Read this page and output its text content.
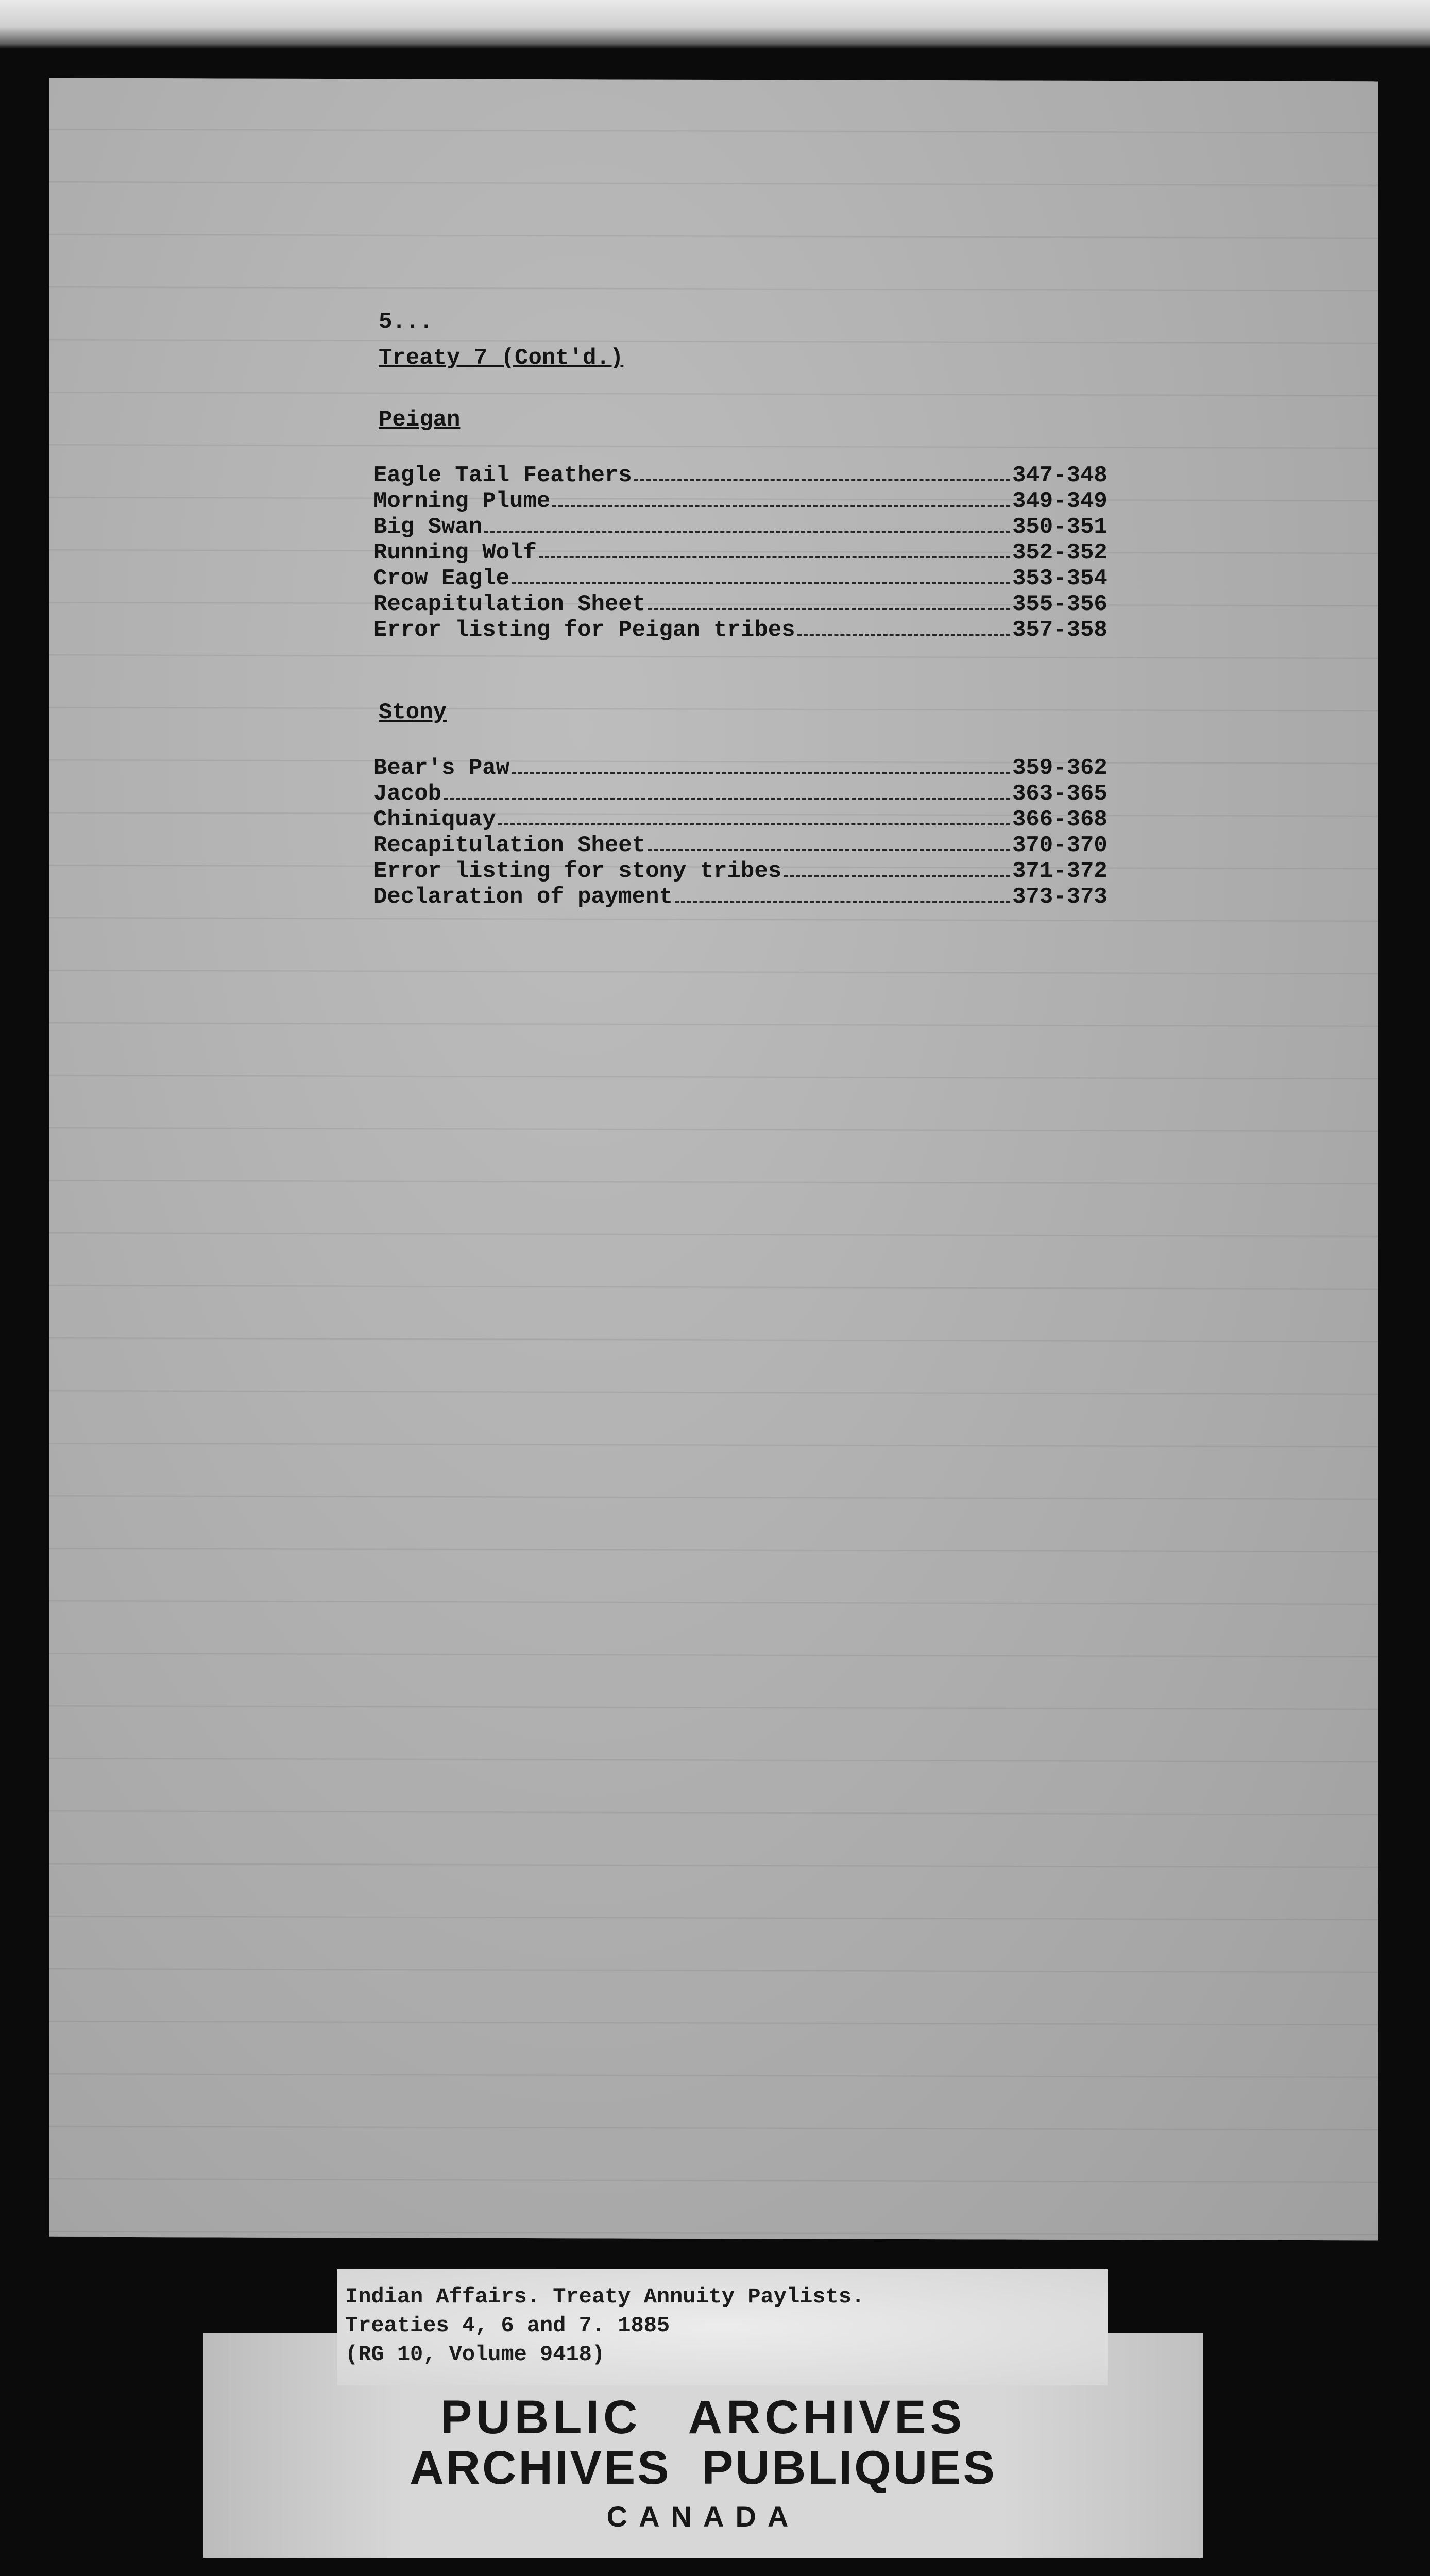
5...
Treaty 7 (Cont'd.)
Peigan
Eagle Tail Feathers	347-348
Morning Plume	349-349
Big Swan	350-351
Running Wolf	352-352
Crow Eagle	353-354
Recapitulation Sheet	355-356
Error listing for Peigan tribes	357-358
Stony
Bear's Paw	359-362
Jacob	363-365
Chiniquay	366-368
Recapitulation Sheet	370-370
Error listing for stony tribes	371-372
Declaration of payment	373-373
Indian Affairs. Treaty Annuity Paylists.
Treaties 4, 6 and 7. 1885
(RG 10, Volume 9418)
PUBLIC ARCHIVES
ARCHIVES PUBLIQUES
CANADA
